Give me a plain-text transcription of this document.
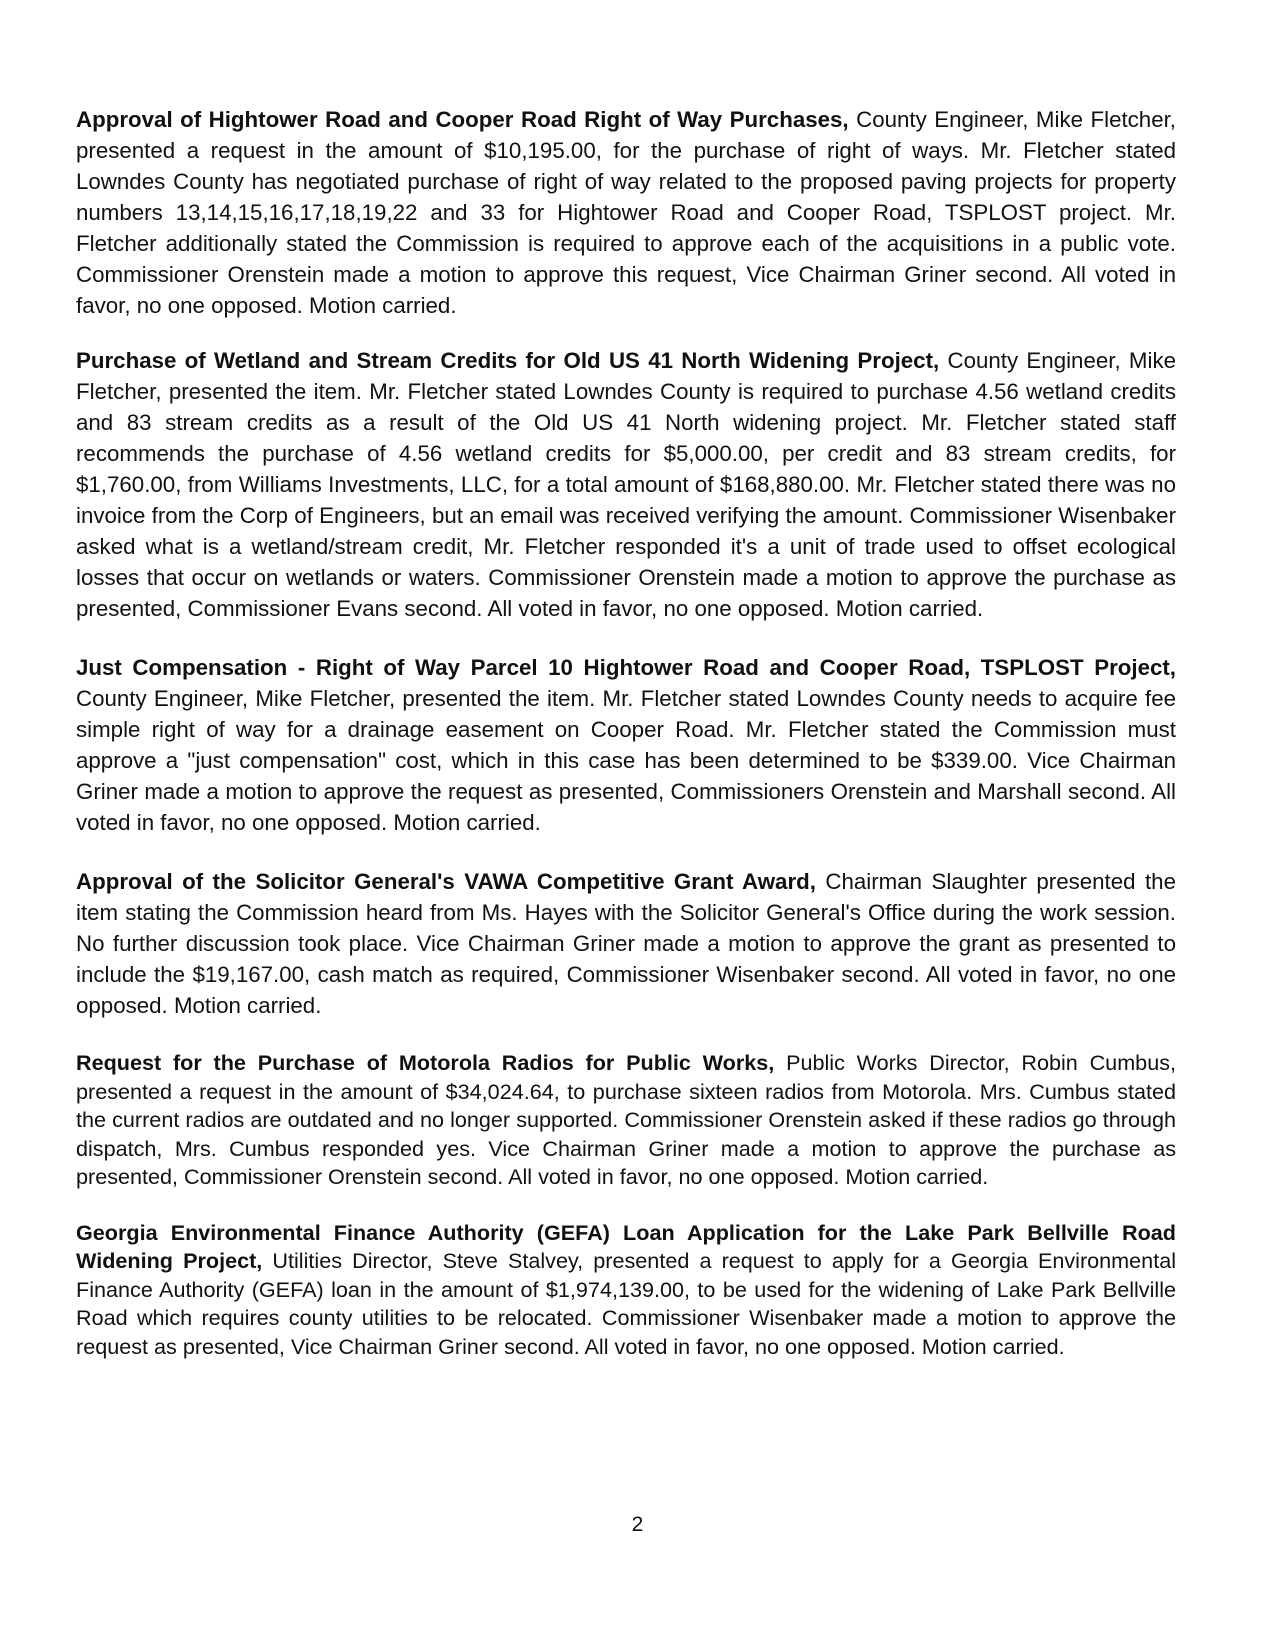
Approval of Hightower Road and Cooper Road Right of Way Purchases, County Engineer, Mike Fletcher, presented a request in the amount of $10,195.00, for the purchase of right of ways. Mr. Fletcher stated Lowndes County has negotiated purchase of right of way related to the proposed paving projects for property numbers 13,14,15,16,17,18,19,22 and 33 for Hightower Road and Cooper Road, TSPLOST project. Mr. Fletcher additionally stated the Commission is required to approve each of the acquisitions in a public vote. Commissioner Orenstein made a motion to approve this request, Vice Chairman Griner second. All voted in favor, no one opposed. Motion carried.

Purchase of Wetland and Stream Credits for Old US 41 North Widening Project, County Engineer, Mike Fletcher, presented the item. Mr. Fletcher stated Lowndes County is required to purchase 4.56 wetland credits and 83 stream credits as a result of the Old US 41 North widening project. Mr. Fletcher stated staff recommends the purchase of 4.56 wetland credits for $5,000.00, per credit and 83 stream credits, for $1,760.00, from Williams Investments, LLC, for a total amount of $168,880.00. Mr. Fletcher stated there was no invoice from the Corp of Engineers, but an email was received verifying the amount. Commissioner Wisenbaker asked what is a wetland/stream credit, Mr. Fletcher responded it's a unit of trade used to offset ecological losses that occur on wetlands or waters. Commissioner Orenstein made a motion to approve the purchase as presented, Commissioner Evans second. All voted in favor, no one opposed. Motion carried.

Just Compensation - Right of Way Parcel 10 Hightower Road and Cooper Road, TSPLOST Project, County Engineer, Mike Fletcher, presented the item. Mr. Fletcher stated Lowndes County needs to acquire fee simple right of way for a drainage easement on Cooper Road. Mr. Fletcher stated the Commission must approve a "just compensation" cost, which in this case has been determined to be $339.00. Vice Chairman Griner made a motion to approve the request as presented, Commissioners Orenstein and Marshall second. All voted in favor, no one opposed. Motion carried.

Approval of the Solicitor General's VAWA Competitive Grant Award, Chairman Slaughter presented the item stating the Commission heard from Ms. Hayes with the Solicitor General's Office during the work session. No further discussion took place. Vice Chairman Griner made a motion to approve the grant as presented to include the $19,167.00, cash match as required, Commissioner Wisenbaker second. All voted in favor, no one opposed. Motion carried.

Request for the Purchase of Motorola Radios for Public Works, Public Works Director, Robin Cumbus, presented a request in the amount of $34,024.64, to purchase sixteen radios from Motorola. Mrs. Cumbus stated the current radios are outdated and no longer supported. Commissioner Orenstein asked if these radios go through dispatch, Mrs. Cumbus responded yes. Vice Chairman Griner made a motion to approve the purchase as presented, Commissioner Orenstein second. All voted in favor, no one opposed. Motion carried.

Georgia Environmental Finance Authority (GEFA) Loan Application for the Lake Park Bellville Road Widening Project, Utilities Director, Steve Stalvey, presented a request to apply for a Georgia Environmental Finance Authority (GEFA) loan in the amount of $1,974,139.00, to be used for the widening of Lake Park Bellville Road which requires county utilities to be relocated. Commissioner Wisenbaker made a motion to approve the request as presented, Vice Chairman Griner second. All voted in favor, no one opposed. Motion carried.

2
